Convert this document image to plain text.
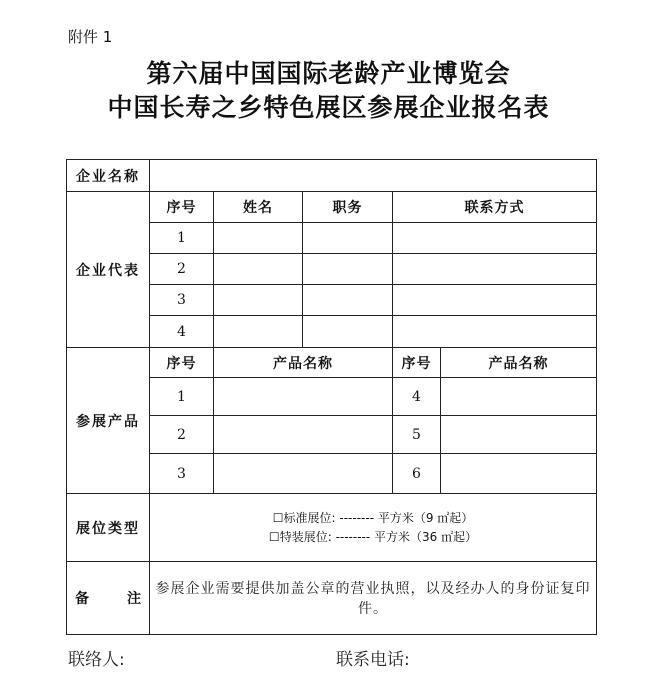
附件 1
第六届中国国际老龄产业博览会
中国长寿之乡特色展区参展企业报名表
企业名称					
企业代表	序号	姓名	职务	联系方式	
	1				
	2				
	3				
	4				
参展产品	序号	产品名称		序号	产品名称
	1			4	
	2			5	
	3			6	
展位类型	☐标准展位: -------- 平方米（9 ㎡起）
☐特装展位: -------- 平方米（36 ㎡起）				

备 注	参展企业需要提供加盖公章的营业执照，以及经办人的身份证复印件。				
联络人:	联系电话:
